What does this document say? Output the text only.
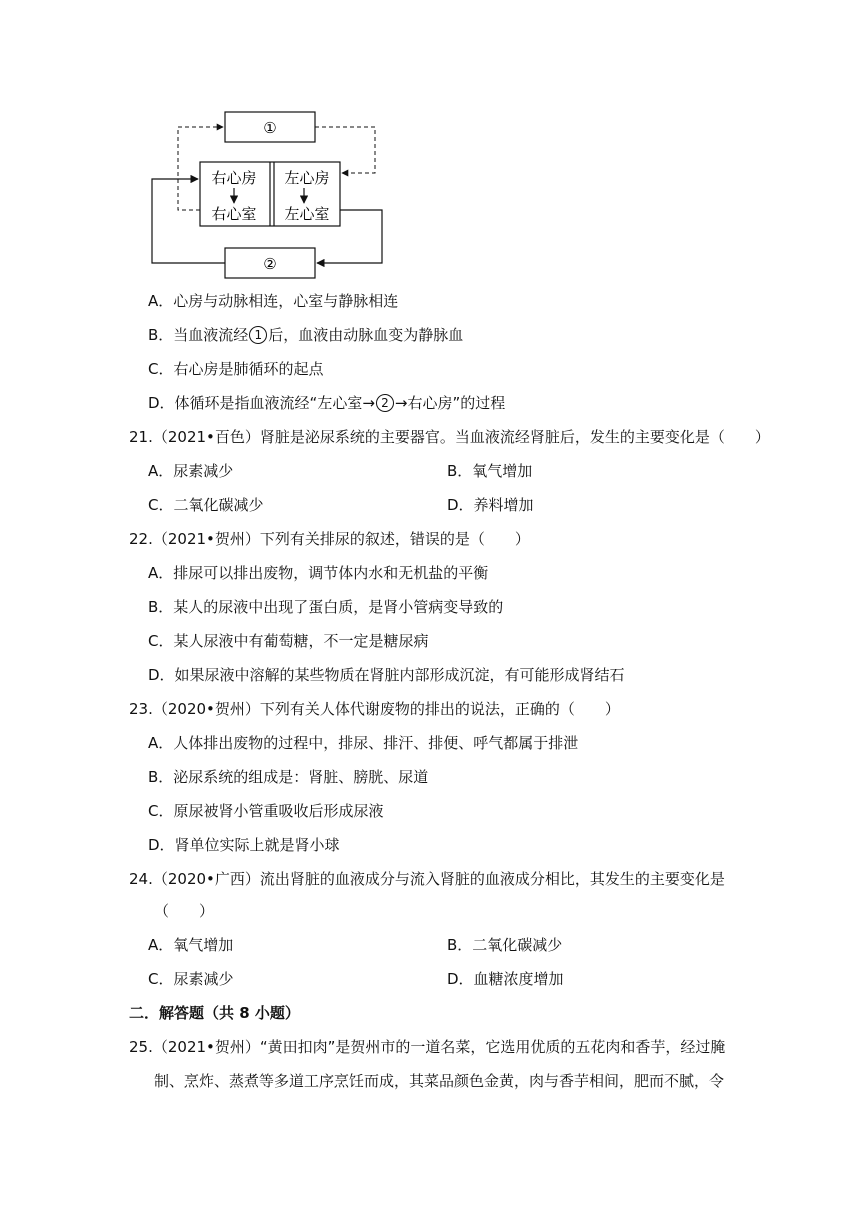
①
右心房 左心房
右心室 左心室
②
A．心房与动脉相连，心室与静脉相连
B．当血液流经 1 后，血液由动脉血变为静脉血
C．右心房是肺循环的起点
D．体循环是指血液流经“左心室→ 2 →右心房”的过程
21.（2021•百色）肾脏是泌尿系统的主要器官。当血液流经肾脏后，发生的主要变化是（　　）
A．尿素减少	B．氧气增加
C．二氧化碳减少	D．养料增加
22.（2021•贺州）下列有关排尿的叙述，错误的是（　　）
A．排尿可以排出废物，调节体内水和无机盐的平衡
B．某人的尿液中出现了蛋白质，是肾小管病变导致的
C．某人尿液中有葡萄糖，不一定是糖尿病
D．如果尿液中溶解的某些物质在肾脏内部形成沉淀，有可能形成肾结石
23.（2020•贺州）下列有关人体代谢废物的排出的说法，正确的（　　）
A．人体排出废物的过程中，排尿、排汗、排便、呼气都属于排泄
B．泌尿系统的组成是：肾脏、膀胱、尿道
C．原尿被肾小管重吸收后形成尿液
D．肾单位实际上就是肾小球
24.（2020•广西）流出肾脏的血液成分与流入肾脏的血液成分相比，其发生的主要变化是
（　　）
A．氧气增加	B．二氧化碳减少
C．尿素减少	D．血糖浓度增加
二．解答题（共 8 小题）
25.（2021•贺州）“黄田扣肉”是贺州市的一道名菜，它选用优质的五花肉和香芋，经过腌
制、烹炸、蒸煮等多道工序烹饪而成，其菜品颜色金黄，肉与香芋相间，肥而不腻，令
